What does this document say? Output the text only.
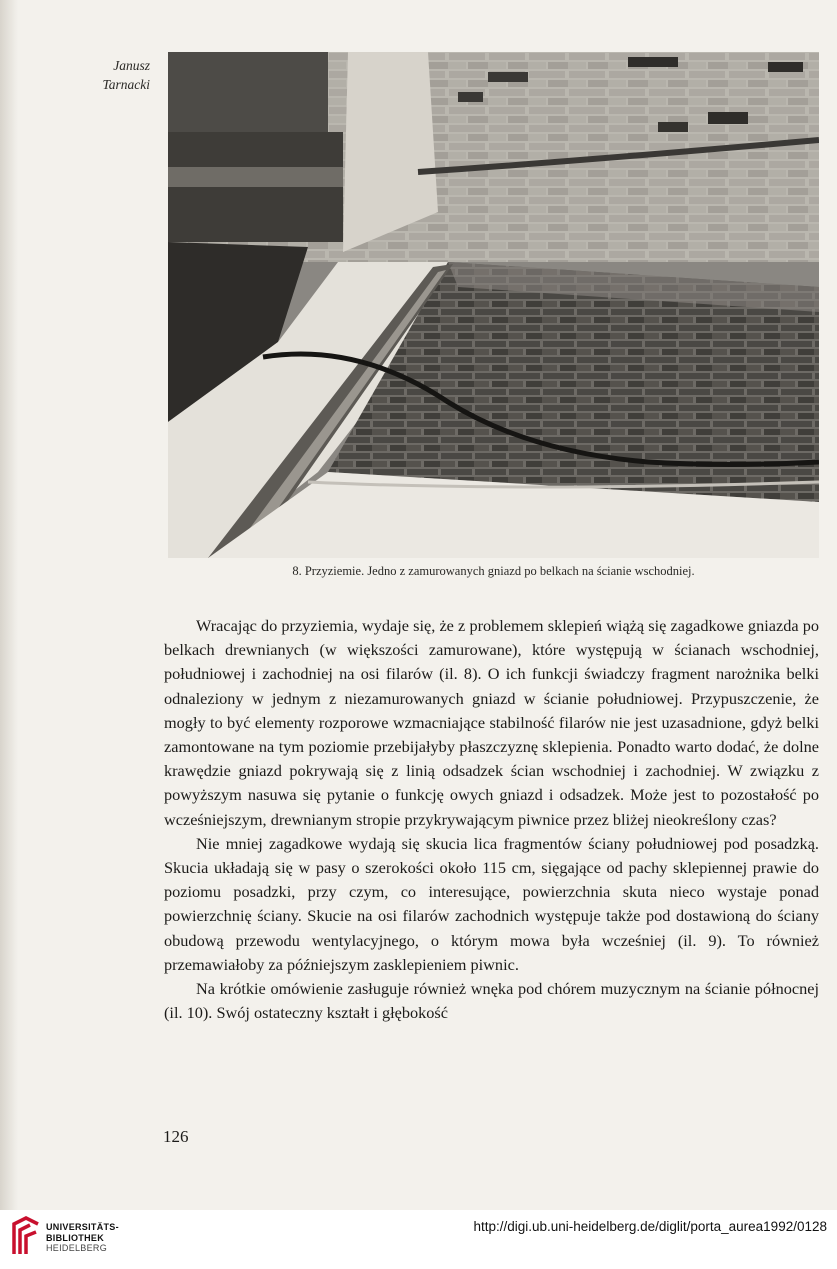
Janusz
Tarnacki
8. Przyziemie. Jedno z zamurowanych gniazd po belkach na ścianie wschodniej.

Wracając do przyziemia, wydaje się, że z problemem sklepień wiążą się zagadkowe gniazda po belkach drewnianych (w większości zamurowane), które występują w ścianach wschodniej, południowej i zachodniej na osi filarów (il. 8). O ich funkcji świadczy fragment narożnika belki odnaleziony w jednym z niezamurowanych gniazd w ścianie południowej. Przypuszczenie, że mogły to być elementy rozporowe wzmacniające stabilność filarów nie jest uzasadnione, gdyż belki zamontowane na tym poziomie przebijałyby płaszczyznę sklepienia. Ponadto warto dodać, że dolne krawędzie gniazd pokrywają się z linią odsadzek ścian wschodniej i zachodniej. W związku z powyższym nasuwa się pytanie o funkcję owych gniazd i odsadzek. Może jest to pozostałość po wcześniejszym, drewnianym stropie przykrywającym piwnice przez bliżej nieokreślony czas?

Nie mniej zagadkowe wydają się skucia lica fragmentów ściany południowej pod posadzką. Skucia układają się w pasy o szerokości około 115 cm, sięgające od pachy sklepiennej prawie do poziomu posadzki, przy czym, co interesujące, powierzchnia skuta nieco wystaje ponad powierzchnię ściany. Skucie na osi filarów zachodnich występuje także pod dostawioną do ściany obudową przewodu wentylacyjnego, o którym mowa była wcześniej (il. 9). To również przemawiałoby za późniejszym zasklepieniem piwnic.

Na krótkie omówienie zasługuje również wnęka pod chórem muzycznym na ścianie północnej (il. 10). Swój ostateczny kształt i głębokość

126
UNIVERSITÄTS-
BIBLIOTHEK
HEIDELBERG
http://digi.ub.uni-heidelberg.de/diglit/porta_aurea1992/0128
